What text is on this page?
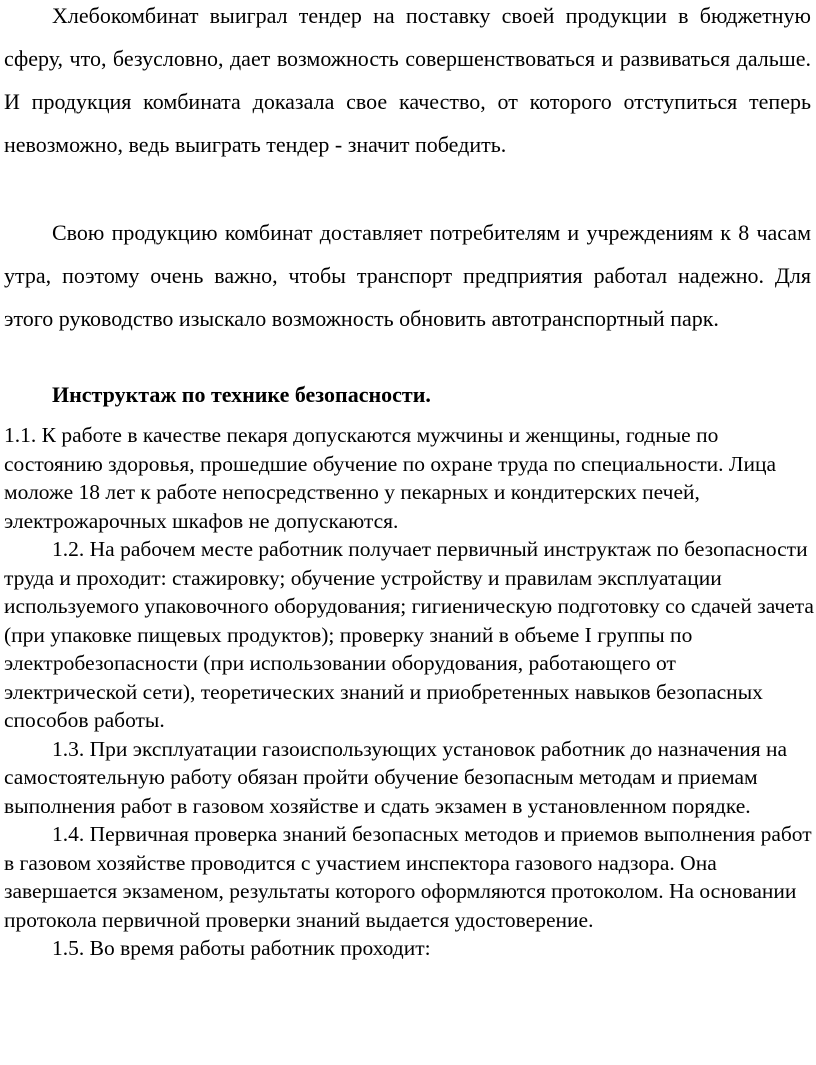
Хлебокомбинат выиграл тендер на поставку своей продукции в бюджетную сферу, что, безусловно, дает возможность совершенствоваться и развиваться дальше. И продукция комбината доказала свое качество, от которого отступиться теперь невозможно, ведь выиграть тендер - значит победить.

Свою продукцию комбинат доставляет потребителям и учреждениям к 8 часам утра, поэтому очень важно, чтобы транспорт предприятия работал надежно. Для этого руководство изыскало возможность обновить автотранспортный парк.

Инструктаж по технике безопасности.

1.1. К работе в качестве пекаря допускаются мужчины и женщины, годные по состоянию здоровья, прошедшие обучение по охране труда по специальности. Лица моложе 18 лет к работе непосредственно у пекарных и кондитерских печей, электрожарочных шкафов не допускаются.

1.2. На рабочем месте работник получает первичный инструктаж по безопасности труда и проходит: стажировку; обучение устройству и правилам эксплуатации используемого упаковочного оборудования; гигиеническую подготовку со сдачей зачета (при упаковке пищевых продуктов); проверку знаний в объеме I группы по электробезопасности (при использовании оборудования, работающего от электрической сети), теоретических знаний и приобретенных навыков безопасных способов работы.

1.3. При эксплуатации газоиспользующих установок работник до назначения на самостоятельную работу обязан пройти обучение безопасным методам и приемам выполнения работ в газовом хозяйстве и сдать экзамен в установленном порядке.

1.4. Первичная проверка знаний безопасных методов и приемов выполнения работ в газовом хозяйстве проводится с участием инспектора газового надзора. Она завершается экзаменом, результаты которого оформляются протоколом. На основании протокола первичной проверки знаний выдается удостоверение.

1.5. Во время работы работник проходит:
